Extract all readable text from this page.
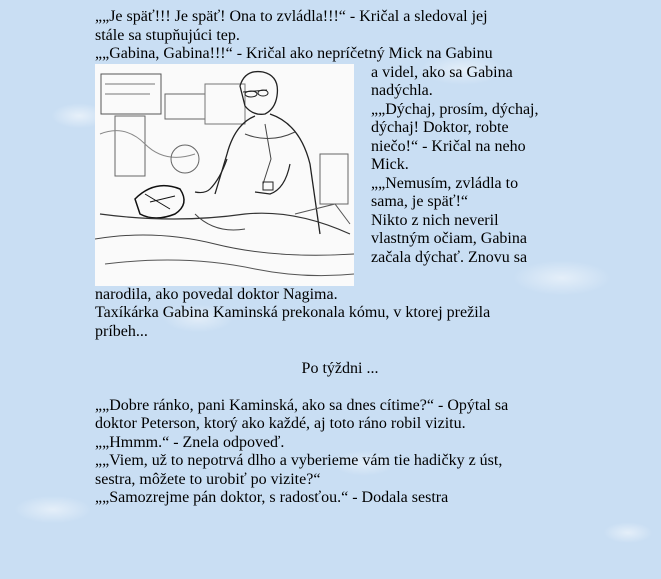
„„Je späť!!! Je späť! Ona to zvládla!!!“ - Kričal a sledoval jej
stále sa stupňujúci tep.
„„Gabina, Gabina!!!“ - Kričal ako nepríčetný Mick na Gabinu
a videl, ako sa Gabina
nadýchla.
„„Dýchaj, prosím, dýchaj,
dýchaj! Doktor, robte
niečo!“ - Kričal na neho
Mick.
„„Nemusím, zvládla to
sama, je späť!“
Nikto z nich neveril
vlastným očiam, Gabina
začala dýchať. Znovu sa
narodila, ako povedal doktor Nagima.
Taxíkárka Gabina Kaminská prekonala kómu, v ktorej prežila
príbeh...
Po týždni ...
„„Dobre ránko, pani Kaminská, ako sa dnes cítime?“ - Opýtal sa
doktor Peterson, ktorý ako každé, aj toto ráno robil vizitu.
„„Hmmm.“ - Znela odpoveď.
„„Viem, už to nepotrvá dlho a vyberieme vám tie hadičky z úst,
sestra, môžete to urobiť po vizite?“
„„Samozrejme pán doktor, s radosťou.“ - Dodala sestra
